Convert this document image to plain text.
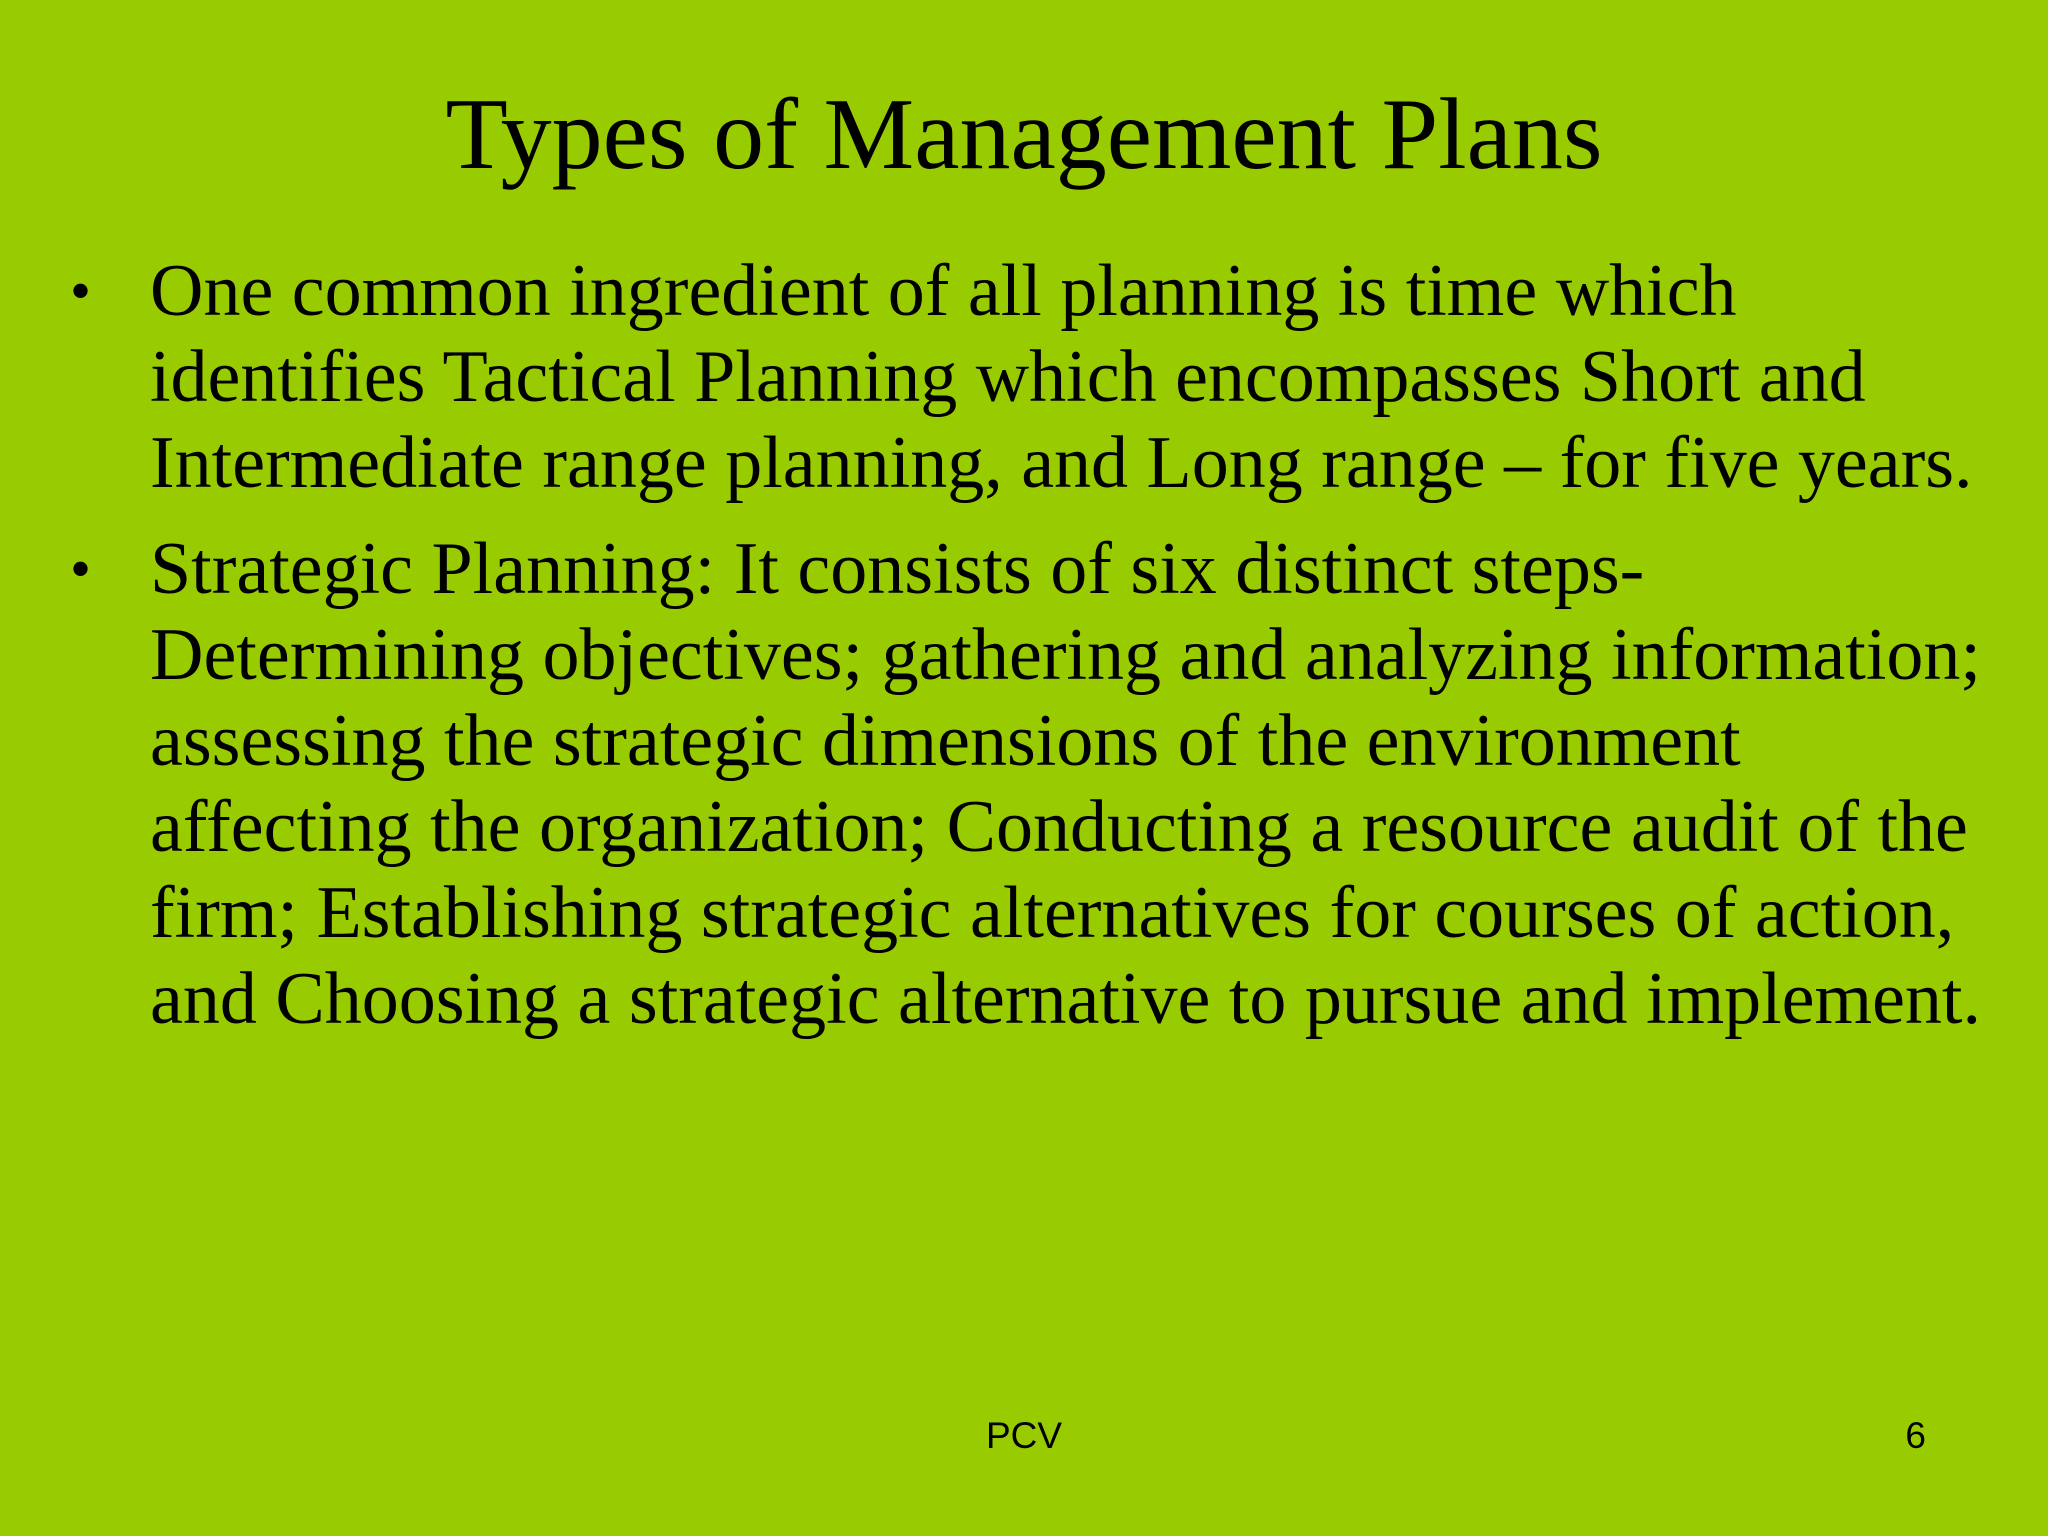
Types of Management Plans
• One common ingredient of all planning is time which identifies Tactical Planning which encompasses Short and Intermediate range planning, and Long range – for five years.
• Strategic Planning: It consists of six distinct steps- Determining objectives; gathering and analyzing information; assessing the strategic dimensions of the environment affecting the organization; Conducting a resource audit of the firm; Establishing strategic alternatives for courses of action, and Choosing a strategic alternative to pursue and implement.
PCV	6
